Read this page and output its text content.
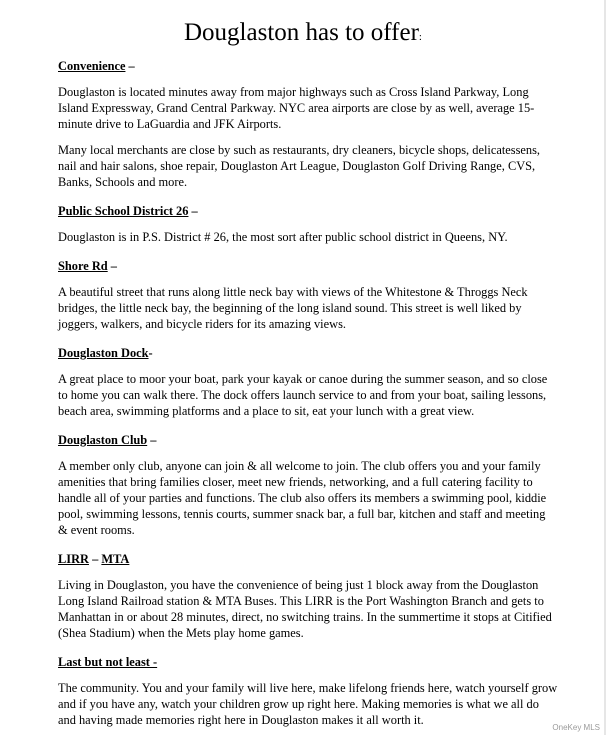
Douglaston has to offer:
Convenience –
Douglaston is located minutes away from major highways such as Cross Island Parkway, Long Island Expressway, Grand Central Parkway. NYC area airports are close by as well, average 15-minute drive to LaGuardia and JFK Airports.
Many local merchants are close by such as restaurants, dry cleaners, bicycle shops, delicatessens, nail and hair salons, shoe repair, Douglaston Art League, Douglaston Golf Driving Range, CVS, Banks, Schools and more.
Public School District 26 –
Douglaston is in P.S. District # 26, the most sort after public school district in Queens, NY.
Shore Rd –
A beautiful street that runs along little neck bay with views of the Whitestone & Throggs Neck bridges, the little neck bay, the beginning of the long island sound. This street is well liked by joggers, walkers, and bicycle riders for its amazing views.
Douglaston Dock-
A great place to moor your boat, park your kayak or canoe during the summer season, and so close to home you can walk there. The dock offers launch service to and from your boat, sailing lessons, beach area, swimming platforms and a place to sit, eat your lunch with a great view.
Douglaston Club –
A member only club, anyone can join & all welcome to join. The club offers you and your family amenities that bring families closer, meet new friends, networking, and a full catering facility to handle all of your parties and functions. The club also offers its members a swimming pool, kiddie pool, swimming lessons, tennis courts, summer snack bar, a full bar, kitchen and staff and meeting & event rooms.
LIRR – MTA
Living in Douglaston, you have the convenience of being just 1 block away from the Douglaston Long Island Railroad station & MTA Buses. This LIRR is the Port Washington Branch and gets to Manhattan in or about 28 minutes, direct, no switching trains. In the summertime it stops at Citified (Shea Stadium) when the Mets play home games.
Last but not least -
The community. You and your family will live here, make lifelong friends here, watch yourself grow and if you have any, watch your children grow up right here. Making memories is what we all do and having made memories right here in Douglaston makes it all worth it.
OneKey MLS
